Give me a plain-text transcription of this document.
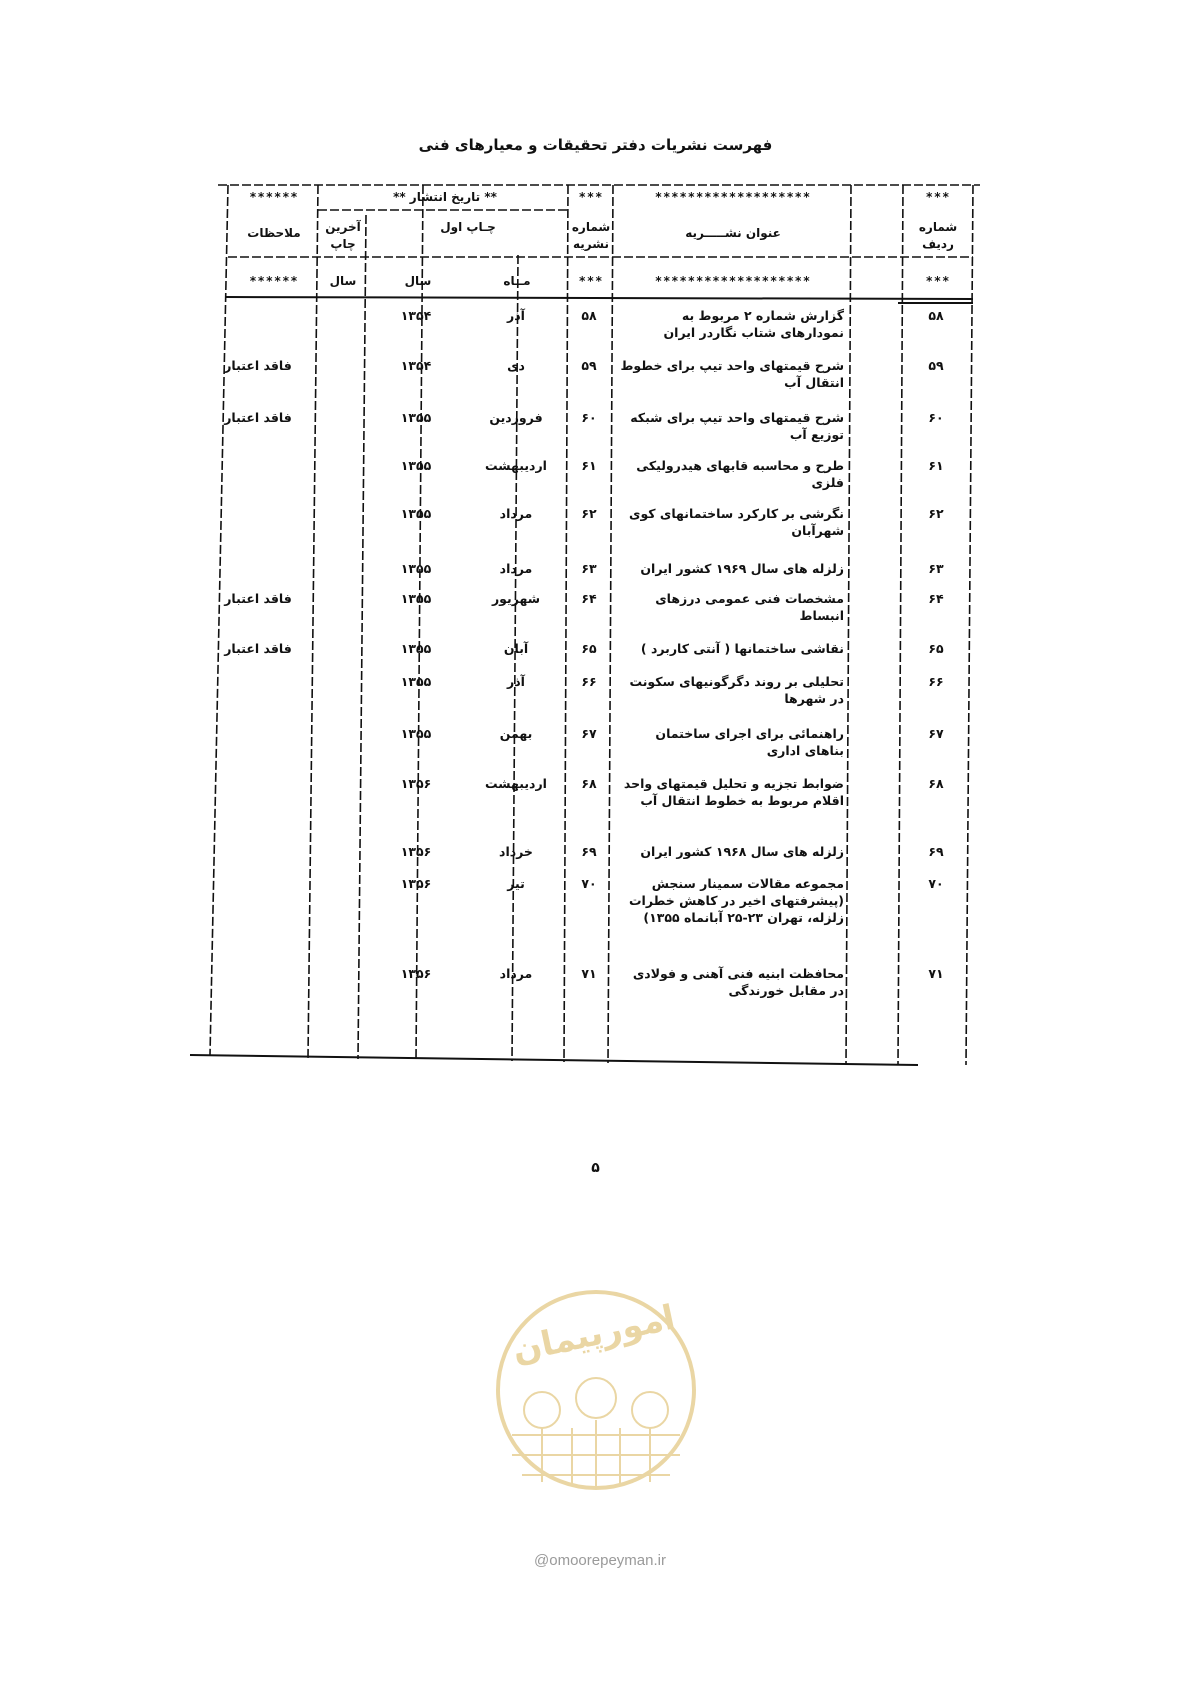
فهرست نشریات دفتر تحقیقات و معیارهای فنی
***
*******************
***
** تاریخ انتشار **
******
شماره ردیف
عنوان نشـــــریه
شماره نشریه
چـاپ اول
آخرین چاپ
ملاحظات
***
*******************
***
مــاه
سال
سال
******
۵۸
گزارش شماره ۲ مربوط به نمودارهای شتاب نگاردر ایران
۵۸
آذر
۱۳۵۴
۵۹
شرح قیمتهای واحد تیپ برای خطوط انتقال آب
۵۹
دی
۱۳۵۴
فاقد اعتبار
۶۰
شرح قیمتهای واحد تیپ برای شبکه توزیع آب
۶۰
فروردین
۱۳۵۵
فاقد اعتبار
۶۱
طرح و محاسبه قابهای هیدرولیکی فلزی
۶۱
اردیبهشت
۱۳۵۵
۶۲
نگرشی بر کارکرد ساختمانهای کوی شهرآبان
۶۲
مرداد
۱۳۵۵
۶۳
زلزله های سال ۱۹۶۹ کشور ایران
۶۳
مرداد
۱۳۵۵
۶۴
مشخصات فنی عمومی درزهای انبساط
۶۴
شهریور
۱۳۵۵
فاقد اعتبار
۶۵
نقاشی ساختمانها ( آنتی کاربرد )
۶۵
آبان
۱۳۵۵
فاقد اعتبار
۶۶
تحلیلی بر روند دگرگونیهای سکونت در شهرها
۶۶
آذر
۱۳۵۵
۶۷
راهنمائی برای اجرای ساختمان بناهای اداری
۶۷
بهمن
۱۳۵۵
۶۸
ضوابط تجزیه و تحلیل قیمتهای واحد اقلام مربوط به خطوط انتقال آب
۶۸
اردیبهشت
۱۳۵۶
۶۹
زلزله های سال ۱۹۶۸ کشور ایران
۶۹
خرداد
۱۳۵۶
۷۰
مجموعه مقالات سمینار سنجش (پیشرفتهای اخیر در کاهش خطرات زلزله، تهران ۲۳-۲۵ آبانماه ۱۳۵۵)
۷۰
تیر
۱۳۵۶
۷۱
محافظت ابنیه فنی آهنی و فولادی در مقابل خورندگی
۷۱
مرداد
۱۳۵۶
۵
امورپیمان
@omoorepeyman.ir
